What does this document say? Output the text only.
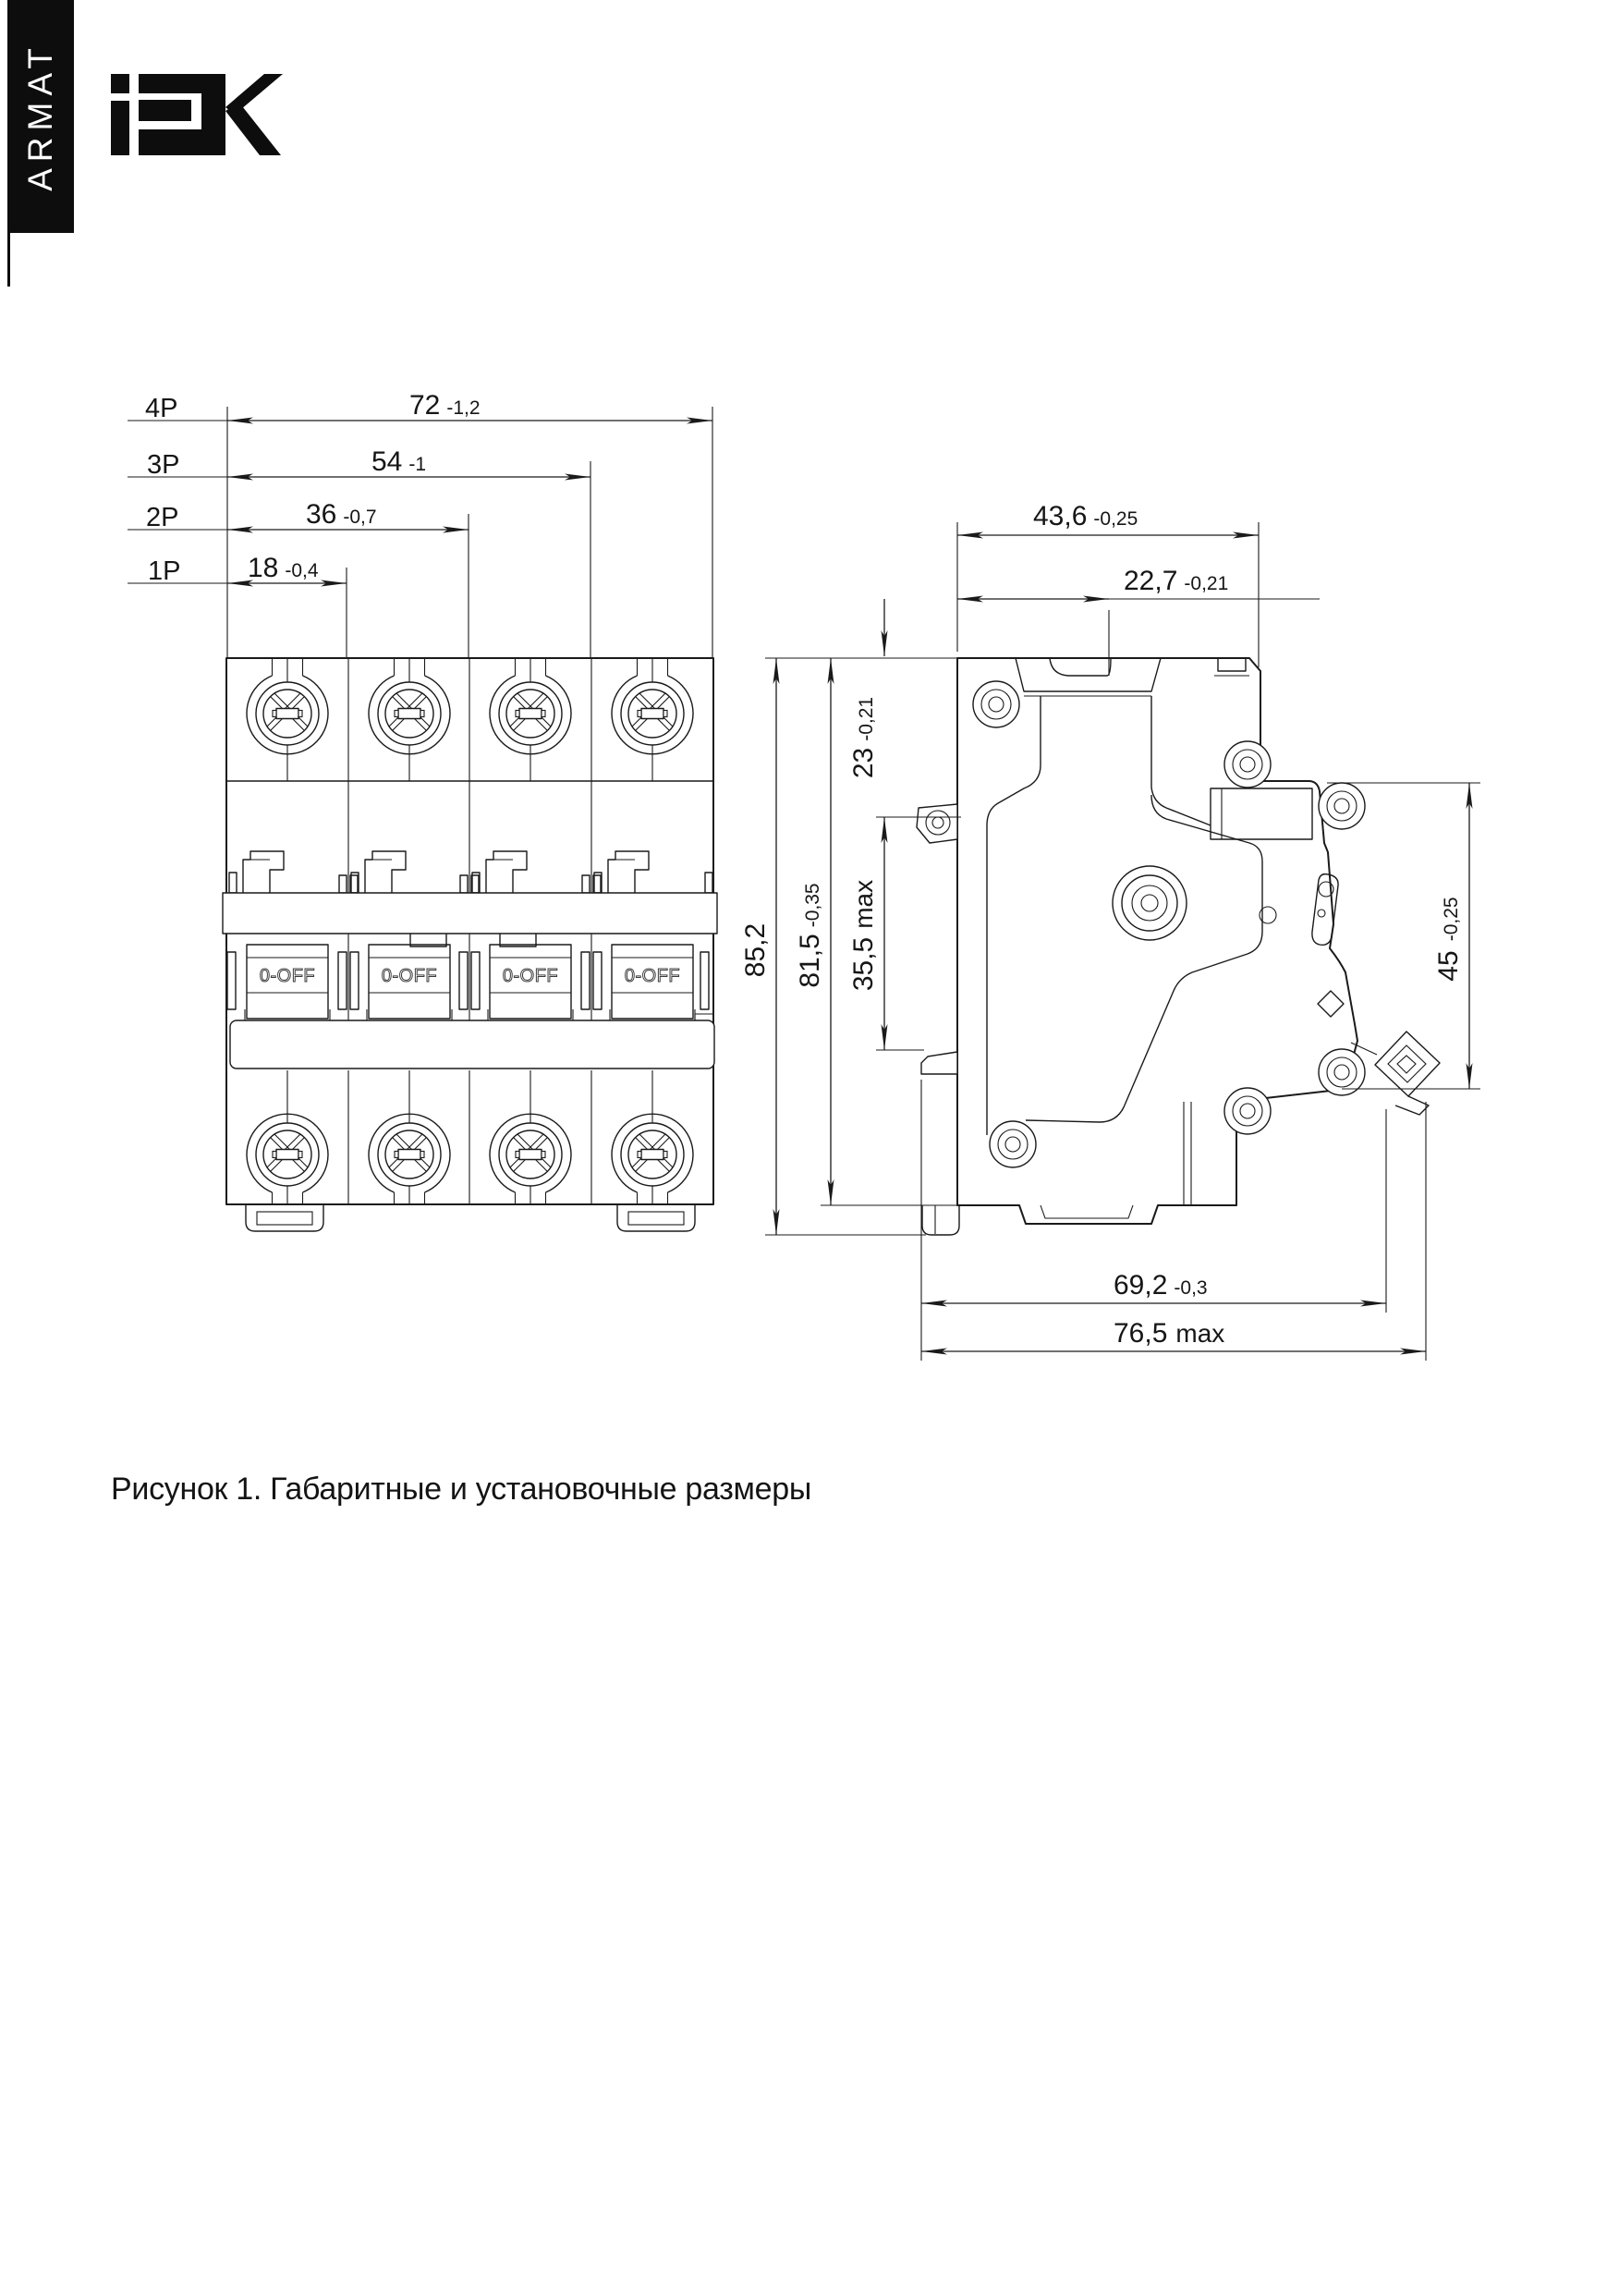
ARMAT
4P	72 -1,2
3P	54 -1
2P	36 -0,7
1P 18 -0,4
0-OFF	0-OFF	0-OFF	0-OFF
43,6 -0,25
22,7 -0,21
23-0,21
35,5max
81,5-0,35
85,2	45-0,25
69,2 -0,3
76,5 max
Рисунок 1. Габаритные и установочные размеры
